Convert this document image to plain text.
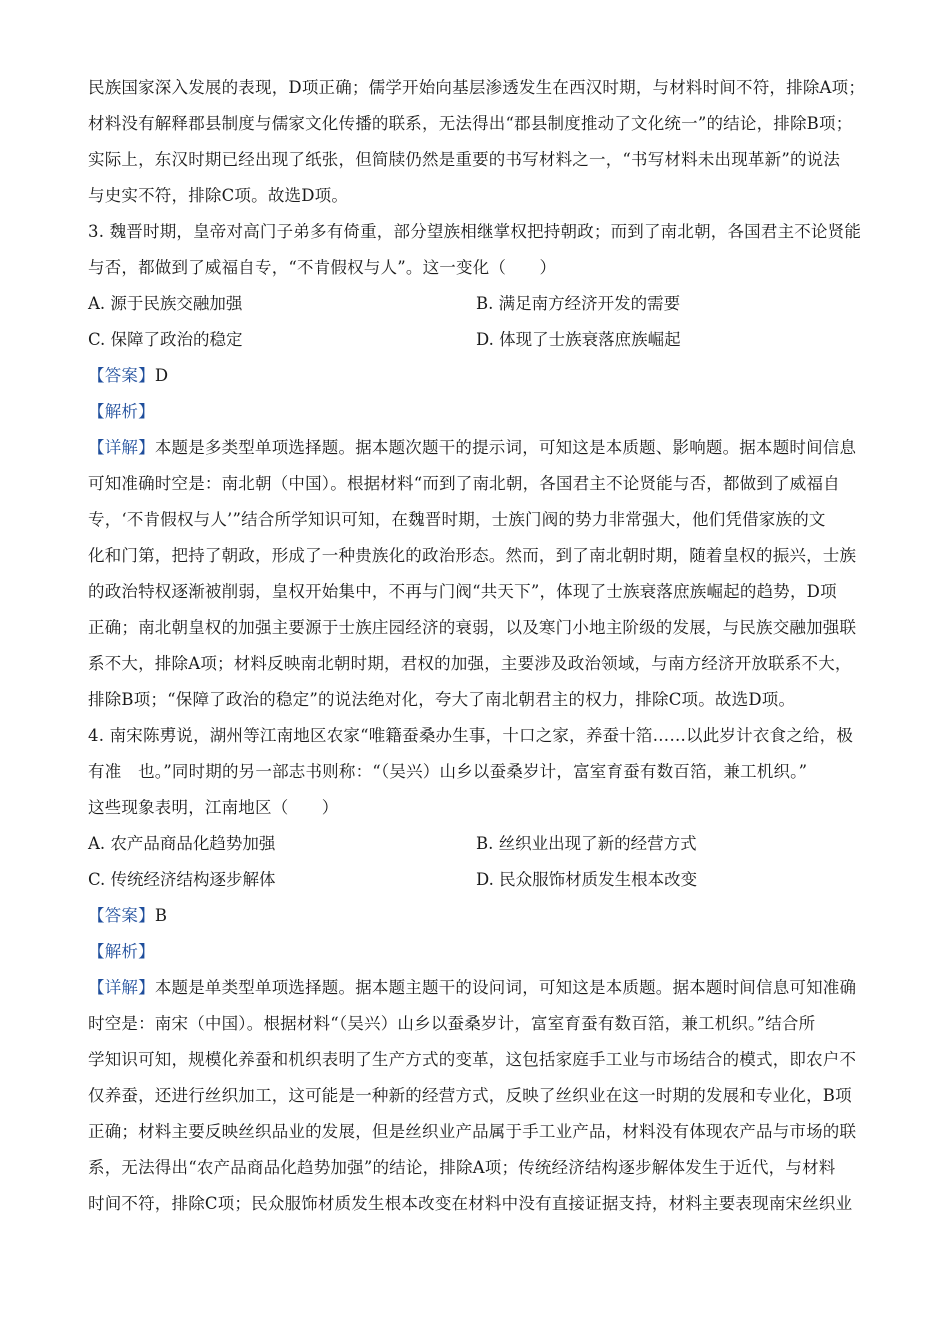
民族国家深入发展的表现，D项正确；儒学开始向基层渗透发生在西汉时期，与材料时间不符，排除A项；
材料没有解释郡县制度与儒家文化传播的联系，无法得出“郡县制度推动了文化统一”的结论，排除B项；
实际上，东汉时期已经出现了纸张，但简牍仍然是重要的书写材料之一，“书写材料未出现革新”的说法
与史实不符，排除C项。故选D项。
3. 魏晋时期，皇帝对高门子弟多有倚重，部分望族相继掌权把持朝政；而到了南北朝，各国君主不论贤能
与否，都做到了威福自专，“不肯假权与人”。这一变化（　　）
A. 源于民族交融加强	B. 满足南方经济开发的需要
C. 保障了政治的稳定	D. 体现了士族衰落庶族崛起
【答案】D
【解析】
【详解】本题是多类型单项选择题。据本题次题干的提示词，可知这是本质题、影响题。据本题时间信息
可知准确时空是：南北朝（中国）。根据材料“而到了南北朝，各国君主不论贤能与否，都做到了威福自
专，‘不肯假权与人’”结合所学知识可知，在魏晋时期，士族门阀的势力非常强大，他们凭借家族的文
化和门第，把持了朝政，形成了一种贵族化的政治形态。然而，到了南北朝时期，随着皇权的振兴，士族
的政治特权逐渐被削弱，皇权开始集中，不再与门阀“共天下”，体现了士族衰落庶族崛起的趋势，D项
正确；南北朝皇权的加强主要源于士族庄园经济的衰弱，以及寒门小地主阶级的发展，与民族交融加强联
系不大，排除A项；材料反映南北朝时期，君权的加强，主要涉及政治领域，与南方经济开放联系不大，
排除B项；“保障了政治的稳定”的说法绝对化，夸大了南北朝君主的权力，排除C项。故选D项。
4. 南宋陈旉说，湖州等江南地区农家“唯籍蚕桑办生事，十口之家，养蚕十箔……以此岁计衣食之给，极
有准　也。”同时期的另一部志书则称：“（吴兴）山乡以蚕桑岁计，富室育蚕有数百箔，兼工机织。”
这些现象表明，江南地区（　　）
A. 农产品商品化趋势加强	B. 丝织业出现了新的经营方式
C. 传统经济结构逐步解体	D. 民众服饰材质发生根本改变
【答案】B
【解析】
【详解】本题是单类型单项选择题。据本题主题干的设问词，可知这是本质题。据本题时间信息可知准确
时空是：南宋（中国）。根据材料“（吴兴）山乡以蚕桑岁计，富室育蚕有数百箔，兼工机织。”结合所
学知识可知，规模化养蚕和机织表明了生产方式的变革，这包括家庭手工业与市场结合的模式，即农户不
仅养蚕，还进行丝织加工，这可能是一种新的经营方式，反映了丝织业在这一时期的发展和专业化，B项
正确；材料主要反映丝织品业的发展，但是丝织业产品属于手工业产品，材料没有体现农产品与市场的联
系，无法得出“农产品商品化趋势加强”的结论，排除A项；传统经济结构逐步解体发生于近代，与材料
时间不符，排除C项；民众服饰材质发生根本改变在材料中没有直接证据支持，材料主要表现南宋丝织业
